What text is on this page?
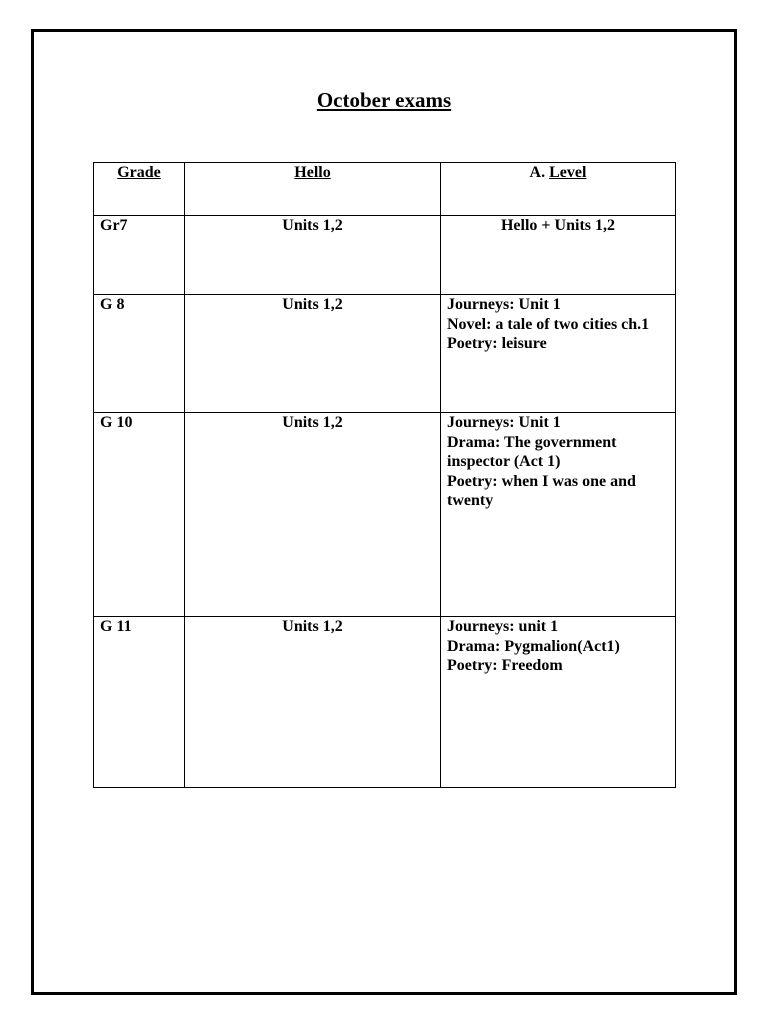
October exams
Grade	Hello	A. Level
Gr7	Units 1,2	Hello + Units 1,2

G 8	Units 1,2	Journeys: Unit 1
Novel: a tale of two cities ch.1
Poetry: leisure

G 10	Units 1,2	Journeys: Unit 1
Drama: The government inspector (Act 1)
Poetry: when I was one and twenty

G 11	Units 1,2	Journeys: unit 1
Drama: Pygmalion(Act1)
Poetry: Freedom
